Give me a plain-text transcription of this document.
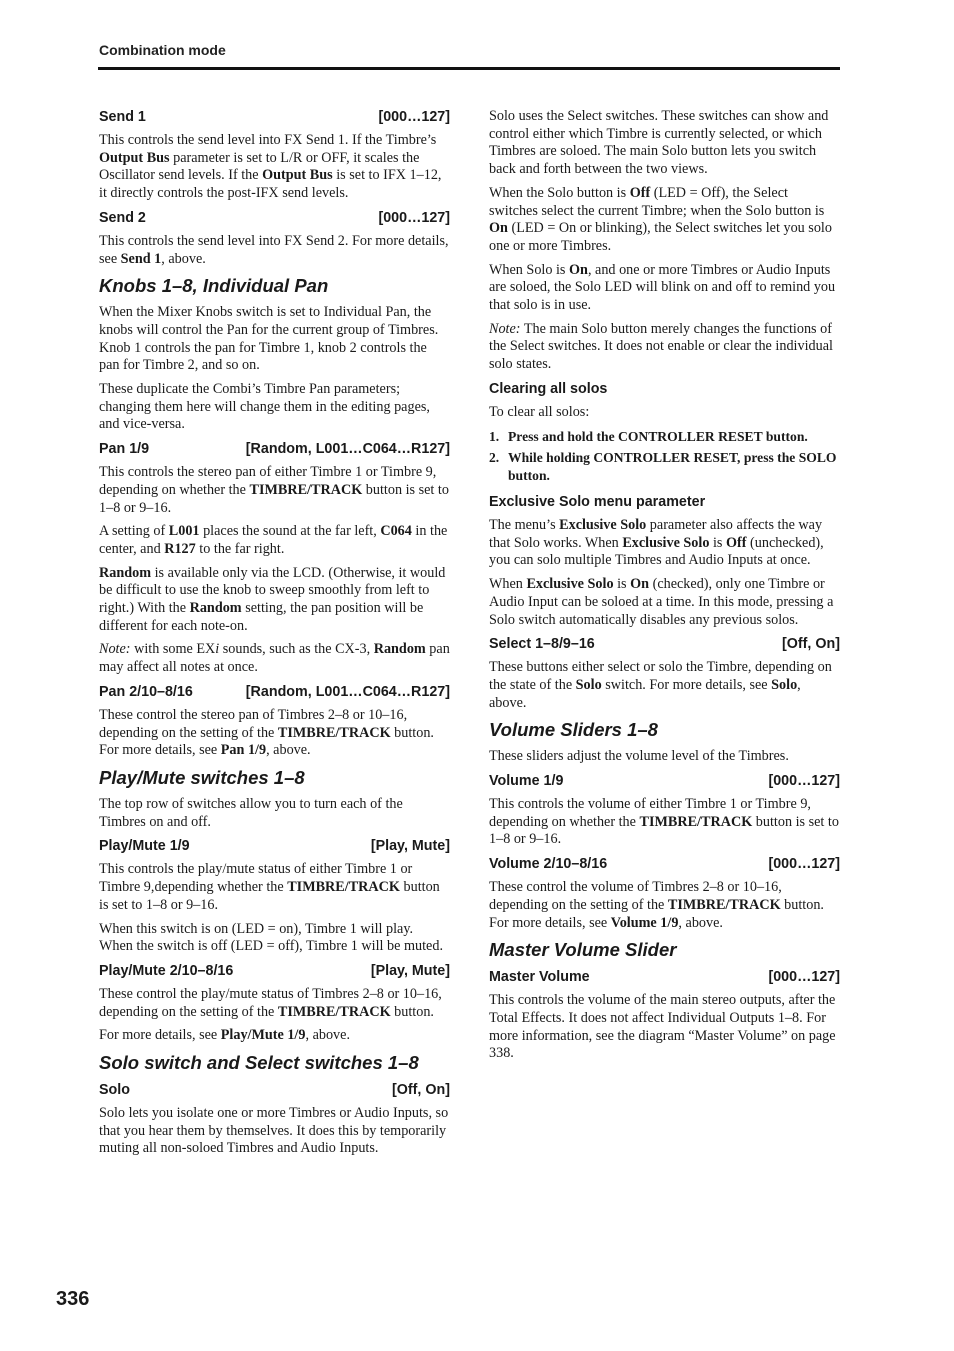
Combination mode
Send 1	[000…127]

This controls the send level into FX Send 1. If the Timbre’s Output Bus parameter is set to L/R or OFF, it scales the Oscillator send levels. If the Output Bus is set to IFX 1–12, it directly controls the post-IFX send levels.

Send 2	[000…127]

This controls the send level into FX Send 2. For more details, see Send 1, above.

Knobs 1–8, Individual Pan

When the Mixer Knobs switch is set to Individual Pan, the knobs will control the Pan for the current group of Timbres. Knob 1 controls the pan for Timbre 1, knob 2 controls the pan for Timbre 2, and so on.

These duplicate the Combi’s Timbre Pan parameters; changing them here will change them in the editing pages, and vice-versa.

Pan 1/9	[Random, L001…C064…R127]

This controls the stereo pan of either Timbre 1 or Timbre 9, depending on whether the TIMBRE/TRACK button is set to 1–8 or 9–16.

A setting of L001 places the sound at the far left, C064 in the center, and R127 to the far right.

Random is available only via the LCD. (Otherwise, it would be difficult to use the knob to sweep smoothly from left to right.) With the Random setting, the pan position will be different for each note-on.

Note: with some EXi sounds, such as the CX-3, Random pan may affect all notes at once.

Pan 2/10–8/16	[Random, L001…C064…R127]

These control the stereo pan of Timbres 2–8 or 10–16, depending on the setting of the TIMBRE/TRACK button. For more details, see Pan 1/9, above.

Play/Mute switches 1–8

The top row of switches allow you to turn each of the Timbres on and off.

Play/Mute 1/9	[Play, Mute]

This controls the play/mute status of either Timbre 1 or Timbre 9,depending whether the TIMBRE/TRACK button is set to 1–8 or 9–16.

When this switch is on (LED = on), Timbre 1 will play. When the switch is off (LED = off), Timbre 1 will be muted.

Play/Mute 2/10–8/16	[Play, Mute]

These control the play/mute status of Timbres 2–8 or 10–16, depending on the setting of the TIMBRE/TRACK button.

For more details, see Play/Mute 1/9, above.

Solo switch and Select switches 1–8
Solo	[Off, On]

Solo lets you isolate one or more Timbres or Audio Inputs, so that you hear them by themselves. It does this by temporarily muting all non-soloed Timbres and Audio Inputs.

Solo uses the Select switches. These switches can show and control either which Timbre is currently selected, or which Timbres are soloed. The main Solo button lets you switch back and forth between the two views.

When the Solo button is Off (LED = Off), the Select switches select the current Timbre; when the Solo button is On (LED = On or blinking), the Select switches let you solo one or more Timbres.

When Solo is On, and one or more Timbres or Audio Inputs are soloed, the Solo LED will blink on and off to remind you that solo is in use.

Note: The main Solo button merely changes the functions of the Select switches. It does not enable or clear the individual solo states.

Clearing all solos

To clear all solos:

1. Press and hold the CONTROLLER RESET button.
2. While holding CONTROLLER RESET, press the SOLO button.
Exclusive Solo menu parameter

The menu’s Exclusive Solo parameter also affects the way that Solo works. When Exclusive Solo is Off (unchecked), you can solo multiple Timbres and Audio Inputs at once.

When Exclusive Solo is On (checked), only one Timbre or Audio Input can be soloed at a time. In this mode, pressing a Solo switch automatically disables any previous solos.

Select 1–8/9–16	[Off, On]

These buttons either select or solo the Timbre, depending on the state of the Solo switch. For more details, see Solo, above.

Volume Sliders 1–8

These sliders adjust the volume level of the Timbres.

Volume 1/9	[000…127]

This controls the volume of either Timbre 1 or Timbre 9, depending on whether the TIMBRE/TRACK button is set to 1–8 or 9–16.

Volume 2/10–8/16	[000…127]

These control the volume of Timbres 2–8 or 10–16, depending on the setting of the TIMBRE/TRACK button. For more details, see Volume 1/9, above.

Master Volume Slider
Master Volume	[000…127]

This controls the volume of the main stereo outputs, after the Total Effects. It does not affect Individual Outputs 1–8. For more information, see the diagram “Master Volume” on page 338.

336
